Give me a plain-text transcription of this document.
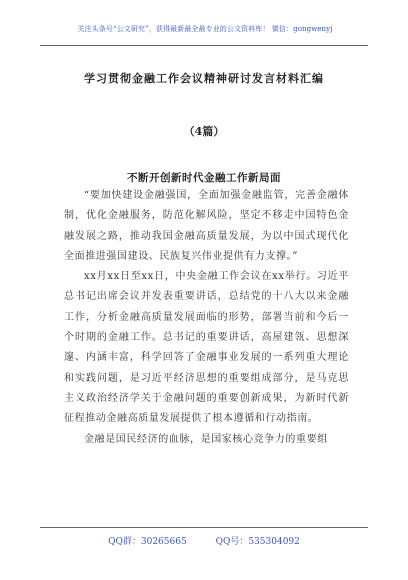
关注头条号“公文研究”，获得最新最全最专业的公文资料库！ 微信：gongwenyj
学习贯彻金融工作会议精神研讨发言材料汇编
（4篇）
不断开创新时代金融工作新局面

“要加快建设金融强国，全面加强金融监管，完善金融体制，优化金融服务，防范化解风险，坚定不移走中国特色金融发展之路，推动我国金融高质量发展，为以中国式现代化全面推进强国建设、民族复兴伟业提供有力支撑。”

xx月xx日至xx日，中央金融工作会议在xx举行。习近平总书记出席会议并发表重要讲话，总结党的十八大以来金融工作，分析金融高质量发展面临的形势，部署当前和今后一个时期的金融工作。总书记的重要讲话，高屋建瓴、思想深邃、内涵丰富，科学回答了金融事业发展的一系列重大理论和实践问题，是习近平经济思想的重要组成部分，是马克思主义政治经济学关于金融问题的重要创新成果，为新时代新征程推动金融高质量发展提供了根本遵循和行动指南。

金融是国民经济的血脉，是国家核心竞争力的重要组

QQ群：30265665	QQ号：535304092
